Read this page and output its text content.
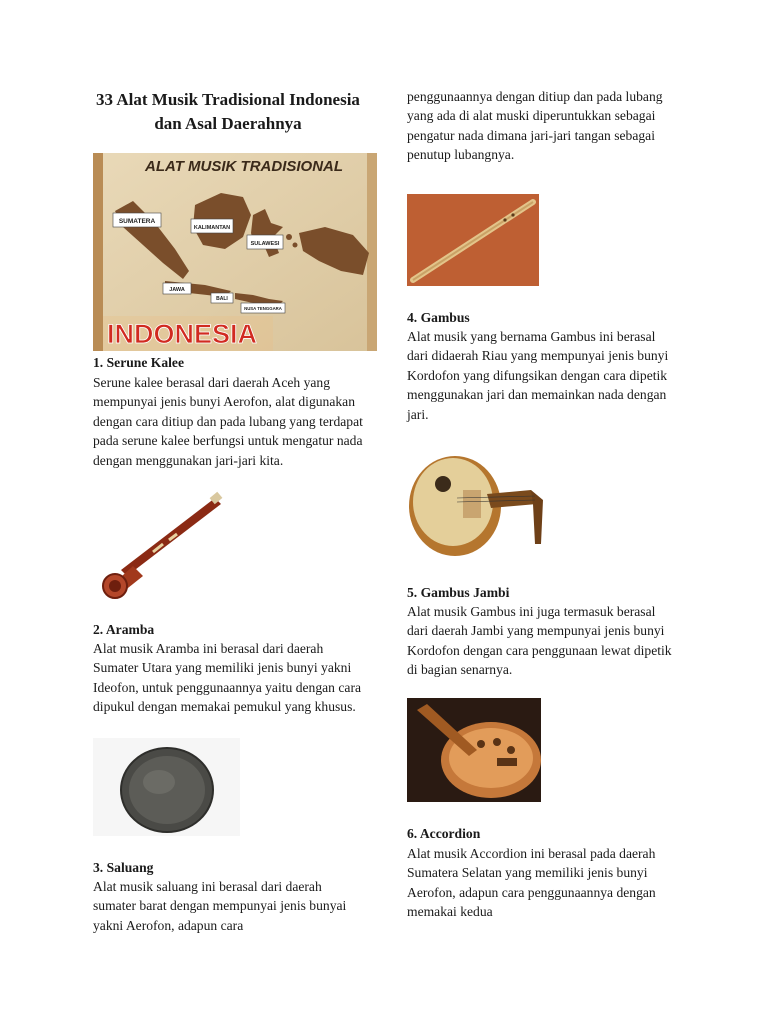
33 Alat Musik Tradisional Indonesia dan Asal Daerahnya
ALAT MUSIK TRADISIONAL
SUMATERA
KALIMANTAN
SULAWESI
JAWA
BALI
NUSA TENGGARA
INDONESIA
1. Serune Kalee
Serune kalee berasal dari daerah Aceh yang mempunyai jenis bunyi Aerofon, alat digunakan dengan cara ditiup dan pada lubang yang terdapat pada serune kalee berfungsi untuk mengatur nada dengan menggunakan jari-jari kita.
2. Aramba
Alat musik Aramba ini berasal dari daerah Sumater Utara yang memiliki jenis bunyi yakni Ideofon, untuk penggunaannya yaitu dengan cara dipukul dengan memakai pemukul yang khusus.
3. Saluang
Alat musik saluang ini berasal dari daerah sumater barat dengan mempunyai jenis bunyai yakni Aerofon, adapun cara
penggunaannya dengan ditiup dan pada lubang yang ada di alat muski diperuntukkan sebagai pengatur nada dimana jari-jari tangan sebagai penutup lubangnya.
4. Gambus
Alat musik yang bernama Gambus ini berasal dari didaerah Riau yang mempunyai jenis bunyi Kordofon yang difungsikan dengan cara dipetik menggunakan jari dan memainkan nada dengan jari.
5. Gambus Jambi
Alat musik Gambus ini juga termasuk berasal dari daerah Jambi yang mempunyai jenis bunyi Kordofon dengan cara penggunaan lewat dipetik di bagian senarnya.
6. Accordion
Alat musik Accordion ini berasal pada daerah Sumatera Selatan yang memiliki jenis bunyi Aerofon, adapun cara penggunaannya dengan memakai kedua
